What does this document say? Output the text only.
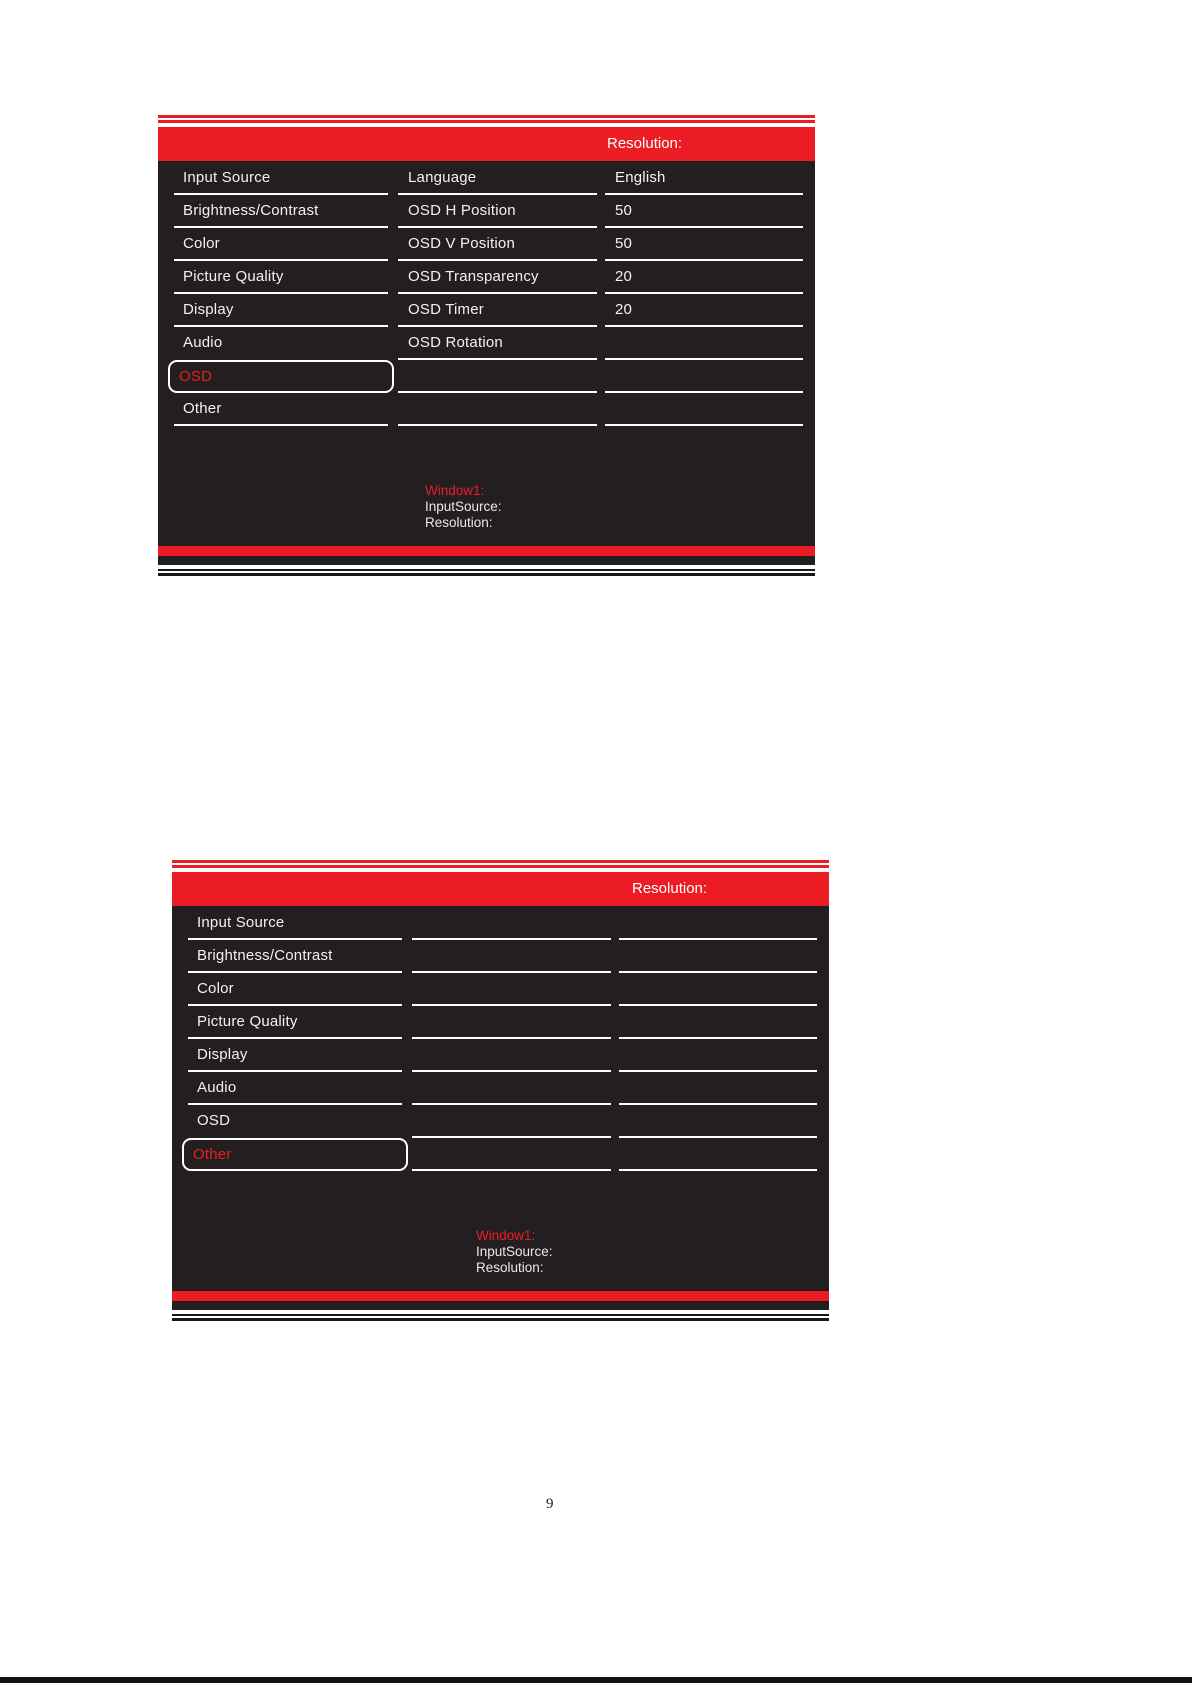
Resolution:
Input Source
Brightness/Contrast
Color
Picture Quality
Display
Audio
OSD
Other
Language
OSD H Position
OSD V Position
OSD Transparency
OSD Timer
OSD Rotation
English
50
50
20
20
Window1:
InputSource:
Resolution:
Resolution:
Input Source
Brightness/Contrast
Color
Picture Quality
Display
Audio
OSD
Other
Window1:
InputSource:
Resolution:
9
